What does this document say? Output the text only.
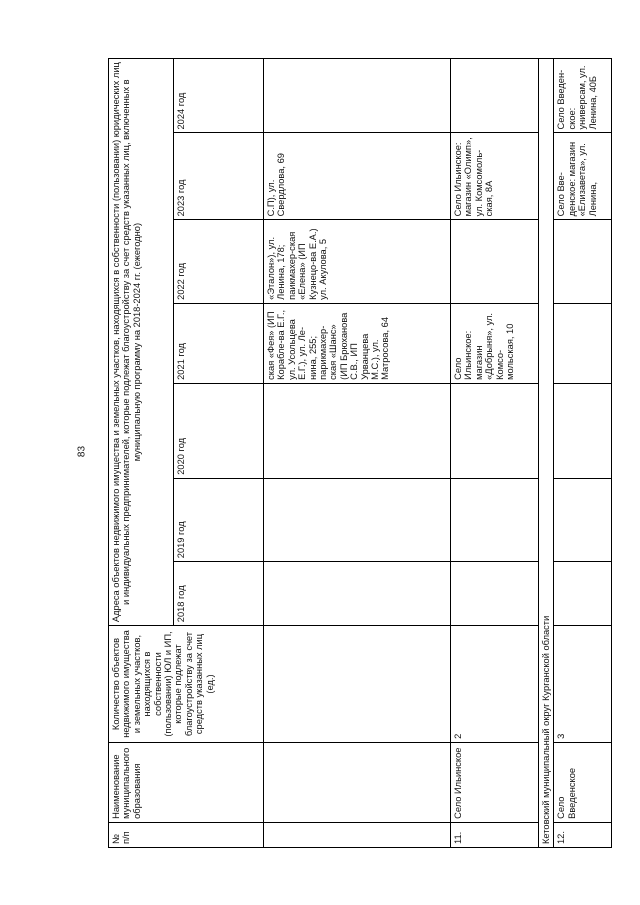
83
№ п/п	Наименование муниципального образования	Количество объектов недвижимого имущества и земельных участков, находящихся в собственности (пользовании) ЮЛ и ИП, которые подлежат благоустройству за счет средств указанных лиц (ед.)	Адреса объектов недвижимого имущества и земельных участков, находящихся в собственности (пользовании) юридических лиц и индивидуальных предпринимателей, которые подлежат благоустройству за счет средств указанных лиц, включенных в муниципальную программу на 2018-2024 гг. (ежегодно)						
			2018 год	2019 год	2020 год	2021 год	2022 год	2023 год	2024 год
						ская «Фея» (ИП Корабле-ва Е.Г., ул. Усольцева Е.Г.), ул. Ле-нина, 255; парикмахер-ская «Шанс» (ИП Брюханова С.В., ИП Урванцева М.С.), ул. Матросова, 64	«Эталон»), ул. Ленина, 178; паикмахер-ская «Елена» (ИП Кузнецо-ва Е.А.) ул. Акулова, 5	С.П), ул. Свердлова, 69	
11.	Село Ильинское	2				Село Ильинское: магазин «Добрыня», ул. Комсо-мольская, 10		Село Ильинское: магазин «Олимп», ул. Комсомоль-ская, 8А	
Кетовский муниципальный округ Курганской области									
12.	Село Введенское	3						Село Вве-денское: магазин «Елизавета», ул. Ленина,	Село Введен-ское: универсам, ул. Ленина, 40Б
